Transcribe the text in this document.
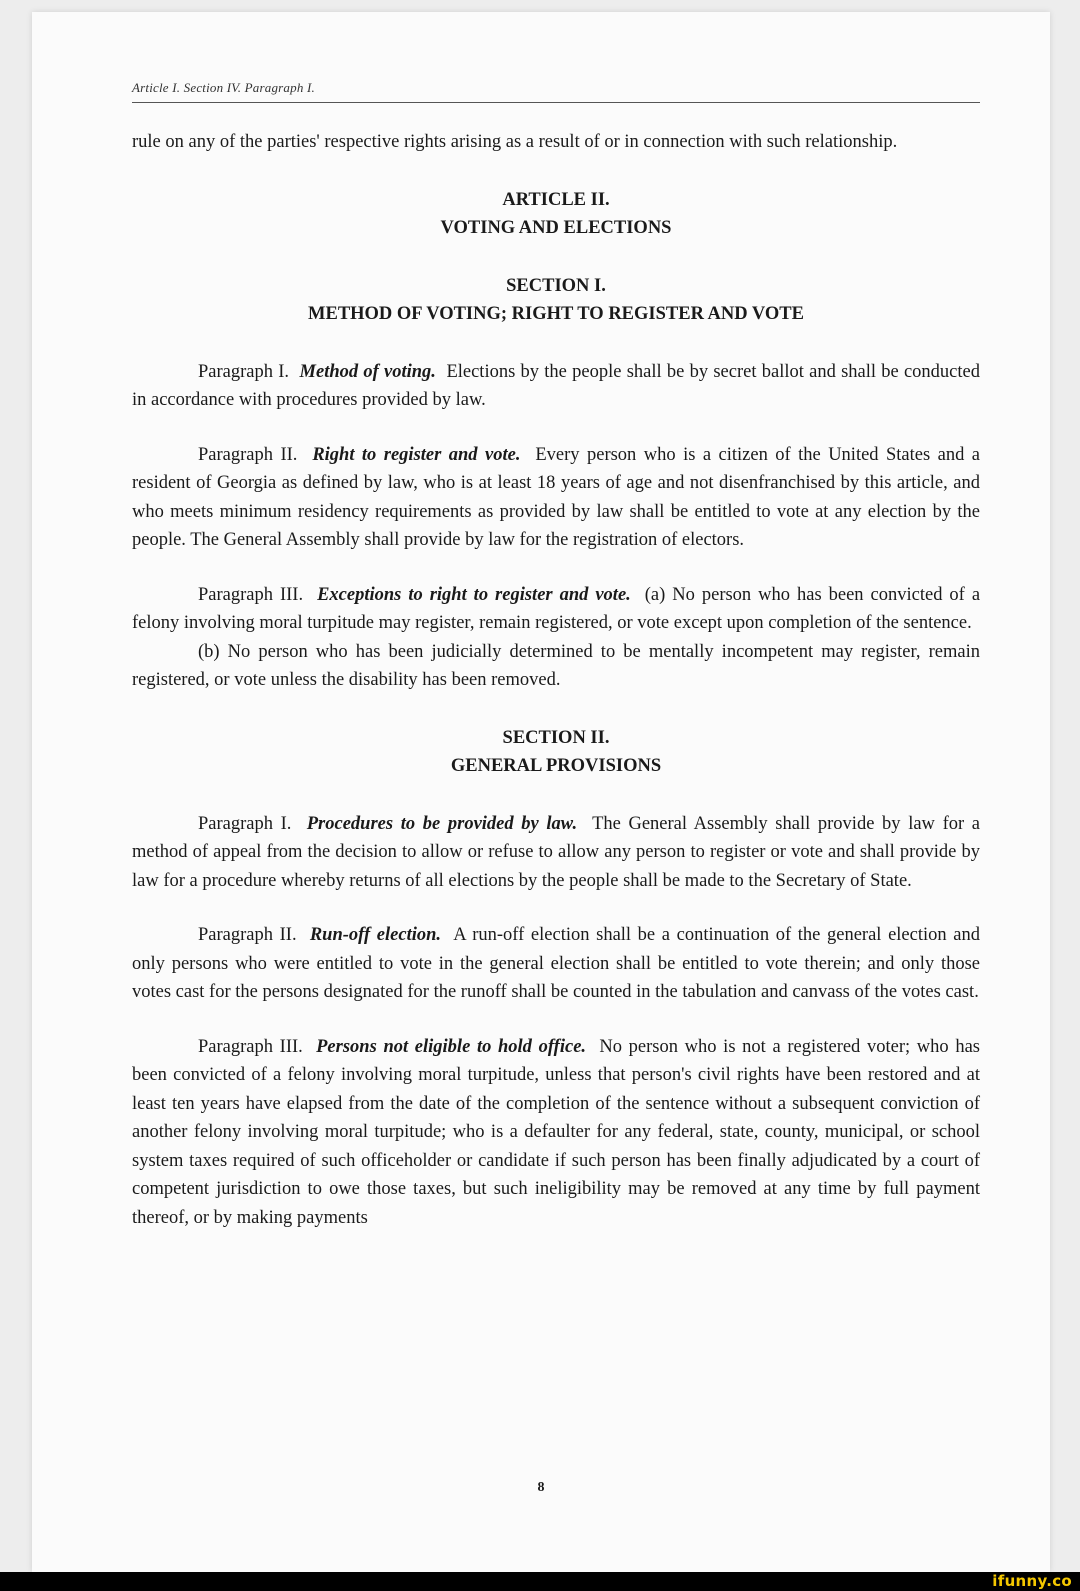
Article I. Section IV. Paragraph I.

rule on any of the parties' respective rights arising as a result of or in connection with such relationship.

ARTICLE II.

VOTING AND ELECTIONS

SECTION I.

METHOD OF VOTING; RIGHT TO REGISTER AND VOTE

Paragraph I. Method of voting. Elections by the people shall be by secret ballot and shall be conducted in accordance with procedures provided by law.

Paragraph II. Right to register and vote. Every person who is a citizen of the United States and a resident of Georgia as defined by law, who is at least 18 years of age and not disenfranchised by this article, and who meets minimum residency requirements as provided by law shall be entitled to vote at any election by the people. The General Assembly shall provide by law for the registration of electors.

Paragraph III. Exceptions to right to register and vote. (a) No person who has been convicted of a felony involving moral turpitude may register, remain registered, or vote except upon completion of the sentence.

(b) No person who has been judicially determined to be mentally incompetent may register, remain registered, or vote unless the disability has been removed.

SECTION II.

GENERAL PROVISIONS

Paragraph I. Procedures to be provided by law. The General Assembly shall provide by law for a method of appeal from the decision to allow or refuse to allow any person to register or vote and shall provide by law for a procedure whereby returns of all elections by the people shall be made to the Secretary of State.

Paragraph II. Run-off election. A run-off election shall be a continuation of the general election and only persons who were entitled to vote in the general election shall be entitled to vote therein; and only those votes cast for the persons designated for the runoff shall be counted in the tabulation and canvass of the votes cast.

Paragraph III. Persons not eligible to hold office. No person who is not a registered voter; who has been convicted of a felony involving moral turpitude, unless that person's civil rights have been restored and at least ten years have elapsed from the date of the completion of the sentence without a subsequent conviction of another felony involving moral turpitude; who is a defaulter for any federal, state, county, municipal, or school system taxes required of such officeholder or candidate if such person has been finally adjudicated by a court of competent jurisdiction to owe those taxes, but such ineligibility may be removed at any time by full payment thereof, or by making payments

8
ifunny.co
